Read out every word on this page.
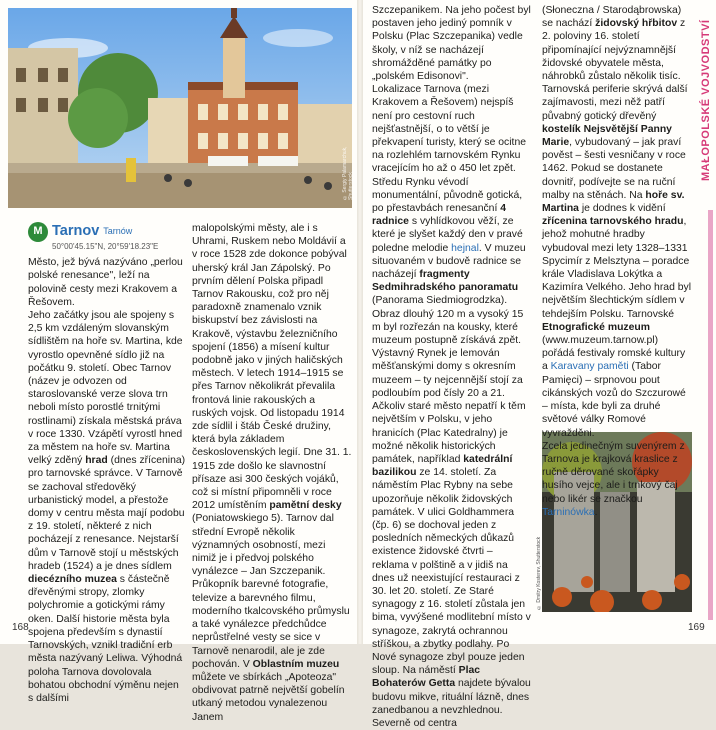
© Sergiy Palamarchuk, Shutterstock
© Dmitry Kosterev, Shutterstock
M Tarnov Tarnów
50°00'45.15"N, 20°59'18.23"E

Město, jež bývá nazýváno „perlou polské renesance", leží na polovině cesty mezi Krakovem a Řešovem.

Jeho začátky jsou ale spojeny s 2,5 km vzdáleným slovanským sídlištěm na hoře sv. Martina, kde vyrostlo opevněné sídlo již na počátku 9. století. Obec Tarnov (název je odvozen od staroslovanské verze slova trn neboli místo porostlé trnitými rostlinami) získala městská práva v roce 1330. Vzápětí vyrostl hned za městem na hoře sv. Martina velký zděný hrad (dnes zřícenina) pro tarnovské správce. V Tarnově se zachoval středověký urbanistický model, a přestože domy v centru města mají podobu z 19. století, některé z nich pocházejí z renesance. Nejstarší dům v Tarnově stojí u městských hradeb (1524) a je dnes sídlem diecézního muzea s částečně dřevěnými stropy, zlomky polychromie a gotickými rámy oken. Další historie města byla spojena především s dynastií Tarnovských, vznikl tradiční erb města nazývaný Leliwa. Výhodná poloha Tarnova dovolovala bohatou obchodní výměnu nejen s dalšími

malopolskými městy, ale i s Uhrami, Ruskem nebo Moldávií a v roce 1528 zde dokonce pobýval uherský král Jan Zápolský. Po prvním dělení Polska připadl Tarnov Rakousku, což pro něj paradoxně znamenalo vznik biskupství bez závislosti na Krakově, výstavbu železničního spojení (1856) a mísení kultur podobně jako v jiných haličských městech. V letech 1914–1915 se přes Tarnov několikrát převalila frontová linie rakouských a ruských vojsk. Od listopadu 1914 zde sídlil i štáb České družiny, která byla základem československých legií. Dne 31. 1. 1915 zde došlo ke slavnostní přísaze asi 300 českých vojáků, což si místní připomněli v roce 2012 umístěním pamětní desky (Poniatowskiego 5). Tarnov dal střední Evropě několik významných osobností, mezi nimiž je i předvoj polského vynálezce – Jan Szczepanik. Průkopník barevné fotografie, televize a barevného filmu, moderního tkalcovského průmyslu a také vynálezce předchůdce neprůstřelné vesty se sice v Tarnově nenarodil, ale je zde pochován. V Oblastním muzeu můžete ve sbírkách „Apoteoza" obdivovat patrně největší gobelín utkaný metodou vynalezenou Janem

Szczepanikem. Na jeho počest byl postaven jeho jediný pomník v Polsku (Plac Szczepanika) vedle školy, v níž se nacházejí shromážděné památky po „polském Edisonovi".

Lokalizace Tarnova (mezi Krakovem a Řešovem) nejspíš není pro cestovní ruch nejšťastnější, o to větší je překvapení turisty, který se ocitne na rozlehlém tarnovském Rynku vracejícím ho až o 450 let zpět. Středu Rynku vévodí monumentální, původně gotická, po přestavbách renesanční 4 radnice s vyhlídkovou věží, ze které je slyšet každý den v pravé poledne melodie hejnal. V muzeu situovaném v budově radnice se nacházejí fragmenty Sedmihradského panoramatu (Panorama Siedmiogrodzka). Obraz dlouhý 120 m a vysoký 15 m byl rozřezán na kousky, které muzeum postupně získává zpět.

Výstavný Rynek je lemován měšťanskými domy s okresním muzeem – ty nejcennější stojí za podloubím pod čísly 20 a 21. Ačkoliv staré město nepatří k těm největším v Polsku, v jeho hranicích (Plac Katedralny) je možné několik historických památek, například katedrální bazilikou ze 14. století. Za náměstím Plac Rybny na sebe upozorňuje několik židovských památek. V ulici Goldhammera (čp. 6) se dochoval jeden z posledních německých důkazů existence židovské čtvrti – reklama v polštině a v jidiš na dnes už neexistující restauraci z 30. let 20. století. Ze Staré synagogy z 16. století zůstala jen bima, vyvýšené modlitební místo v synagoze, zakrytá ochrannou stříškou, a zbytky podlahy. Po Nové synagoze zbyl pouze jeden sloup. Na náměstí Plac Bohaterów Getta najdete bývalou budovu mikve, rituální lázně, dnes zanedbanou a nevzhlednou. Severně od centra

(Słoneczna / Starodąbrowska) se nachází židovský hřbitov z 2. poloviny 16. století připomínající nejvýznamnější židovské obyvatele města, náhrobků zůstalo několik tisíc.

Tarnovská periferie skrývá další zajímavosti, mezi něž patří půvabný gotický dřevěný kostelík Nejsvětější Panny Marie, vybudovaný – jak praví pověst – šesti vesničany v roce 1462. Pokud se dostanete dovnitř, podívejte se na ruční malby na stěnách. Na hoře sv. Martina je dodnes k vidění zřícenina tarnovského hradu, jehož mohutné hradby vybudoval mezi lety 1328–1331 Spycimír z Melsztyna – poradce krále Vladislava Lokýtka a Kazimíra Velkého. Jeho hrad byl největším šlechtickým sídlem v tehdejším Polsku. Tarnovské Etnografické muzeum (www.muzeum.tarnow.pl) pořádá festivaly romské kultury a Karavany paměti (Tabor Pamięci) – srpnovou pout cikánských vozů do Szczurowé – místa, kde byli za druhé světové války Romové vyvražděni.

Zcela jedinečným suvenýrem z Tarnova je krajková kraslice z ručně děrované skořápky husího vejce, ale i trnkový čaj nebo likér se značkou Tarninówka.

MAŁOPOLSKÉ VOJVODSTVÍ
168	169
